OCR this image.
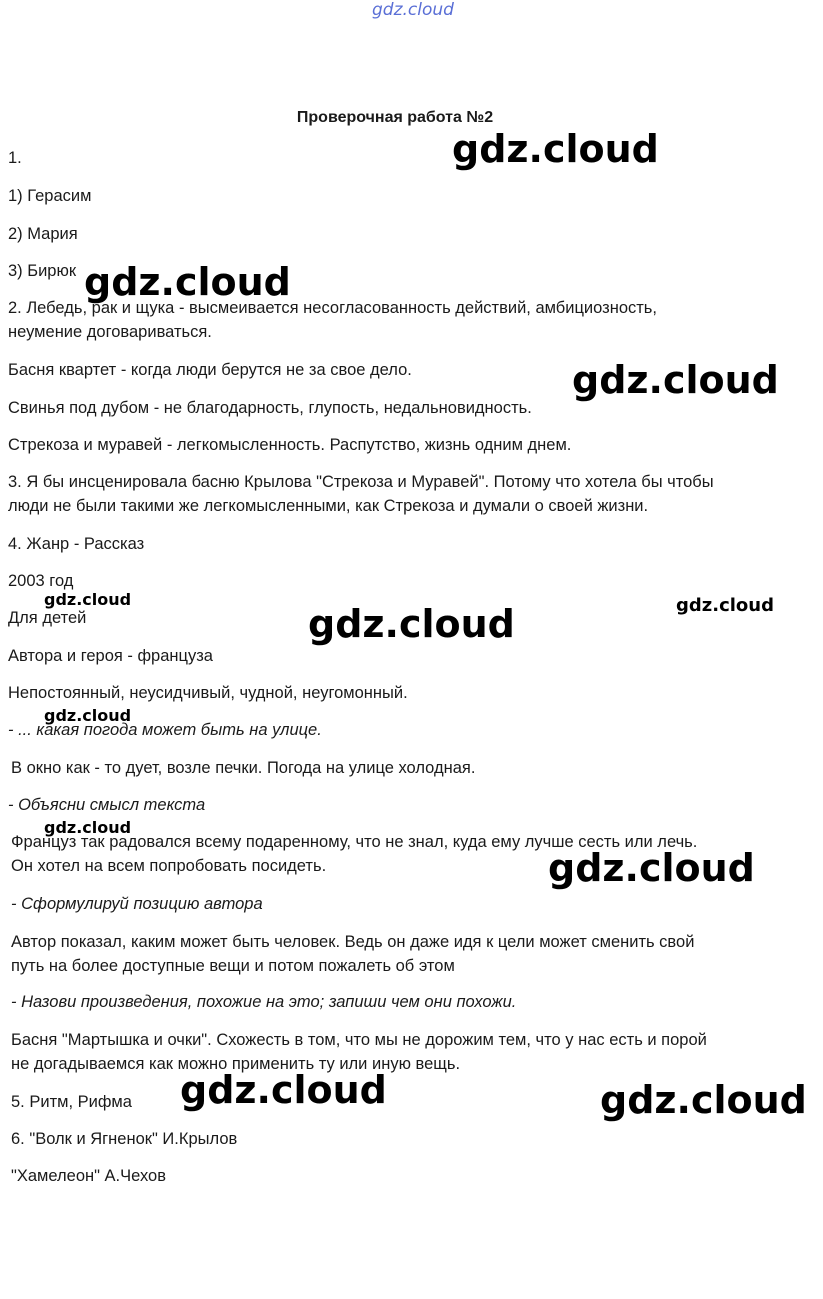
gdz.cloud
Проверочная работа №2
1.
1) Герасим
2) Мария
3) Бирюк
2. Лебедь, рак и щука - высмеивается несогласованность действий, амбициозность,
неумение договариваться.
Басня квартет - когда люди берутся не за свое дело.
Свинья под дубом - не благодарность, глупость, недальновидность.
Стрекоза и муравей - легкомысленность. Распутство, жизнь одним днем.
3. Я бы инсценировала басню Крылова "Стрекоза и Муравей". Потому что хотела бы чтобы
люди не были такими же легкомысленными, как Стрекоза и думали о своей жизни.
4. Жанр - Рассказ
2003 год
Для детей
Автора и героя - француза
Непостоянный, неусидчивый, чудной, неугомонный.
- ... какая погода может быть на улице.
В окно как - то дует, возле печки. Погода на улице холодная.
- Объясни смысл текста
Француз так радовался всему подаренному, что не знал, куда ему лучше сесть или лечь.
Он хотел на всем попробовать посидеть.
- Сформулируй позицию автора
Автор показал, каким может быть человек. Ведь он даже идя к цели может сменить свой
путь на более доступные вещи и потом пожалеть об этом
- Назови произведения, похожие на это; запиши чем они похожи.
Басня "Мартышка и очки". Схожесть в том, что мы не дорожим тем, что у нас есть и порой
не догадываемся как можно применить ту или иную вещь.
5. Ритм, Рифма
6. "Волк и Ягненок" И.Крылов
"Хамелеон" А.Чехов
gdz.cloud
gdz.cloud
gdz.cloud
gdz.cloud
gdz.cloud	gdz.cloud
gdz.cloud
gdz.cloud
gdz.cloud
gdz.cloud	gdz.cloud
